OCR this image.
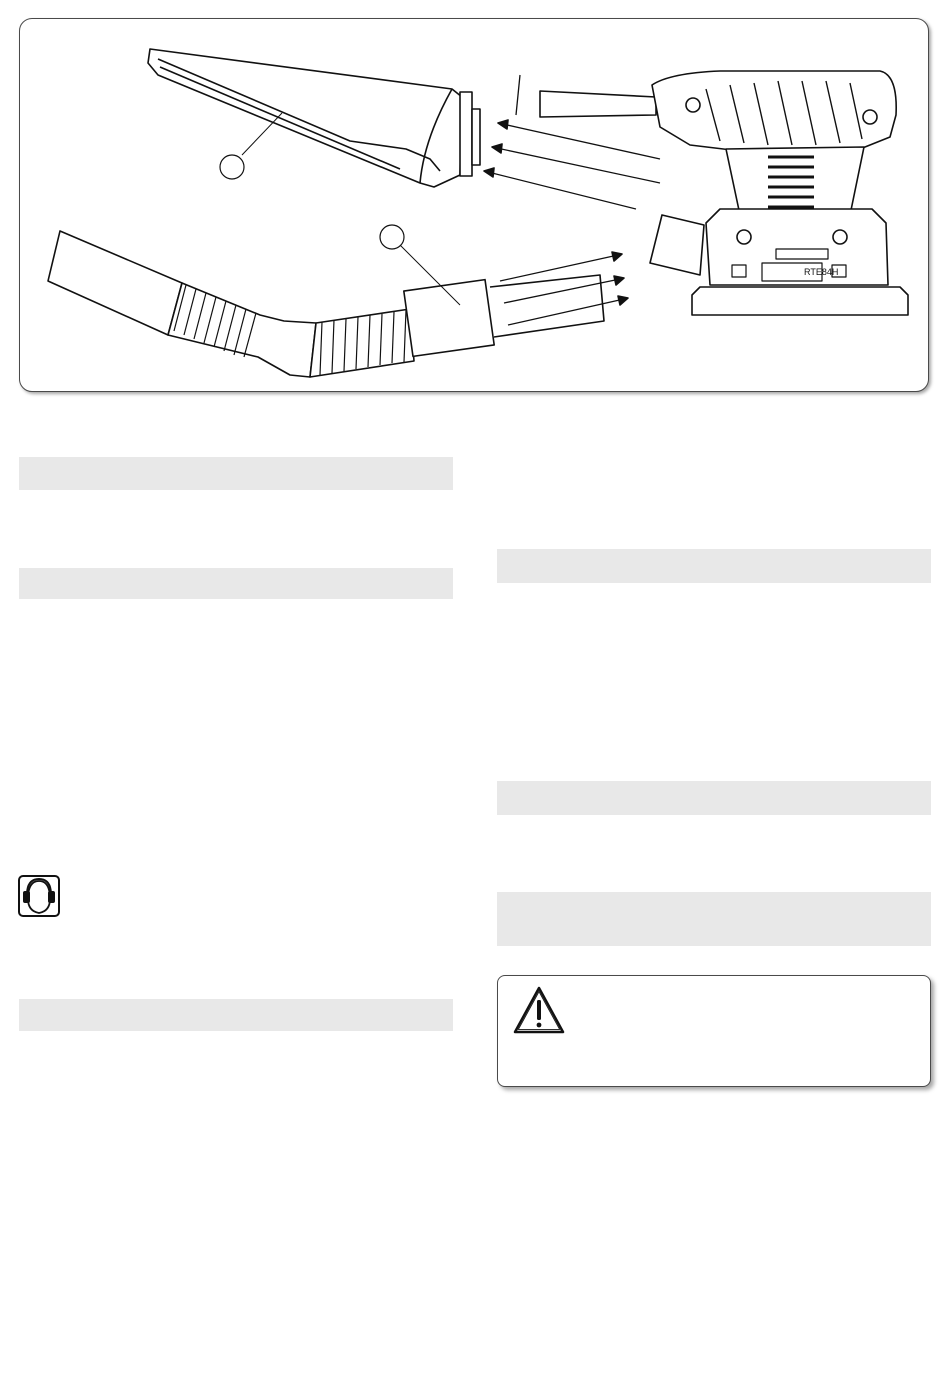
RTE84H
